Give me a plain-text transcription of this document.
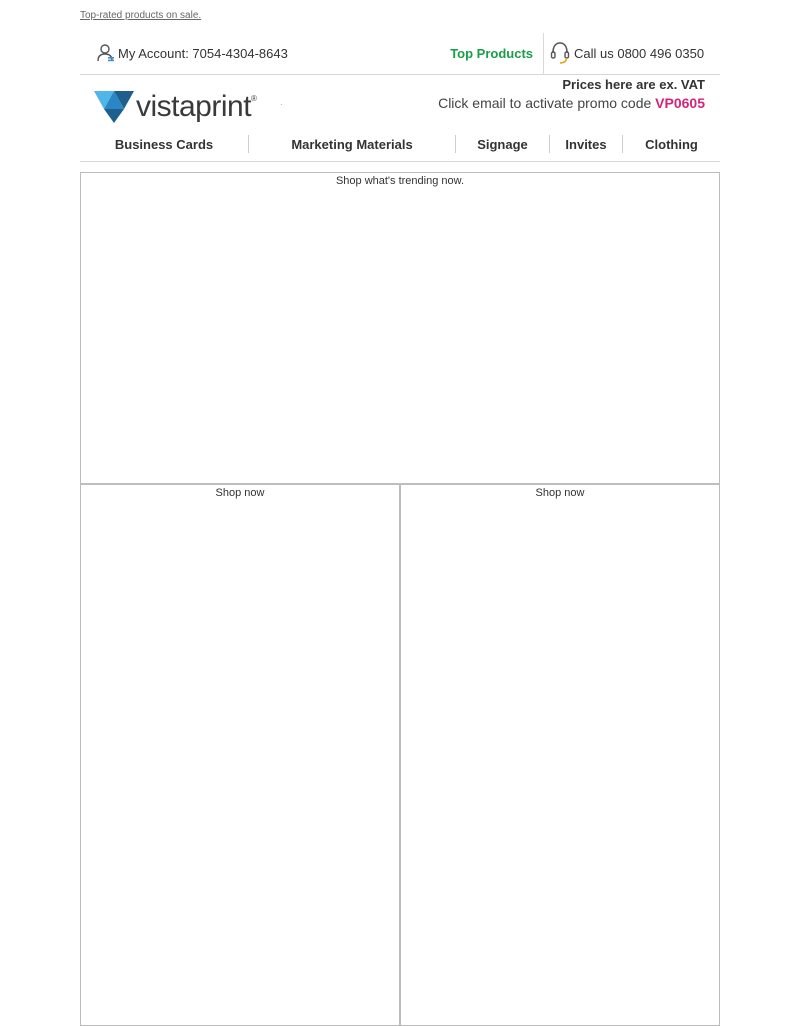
Top-rated products on sale.
My Account: 7054-4304-8643	Top Products	Call us 0800 496 0350
vistaprint®
·
Prices here are ex. VAT
Click email to activate promo code VP0605
Business Cards	Marketing Materials	Signage	Invites	Clothing
Shop what's trending now.
Shop now	Shop now
